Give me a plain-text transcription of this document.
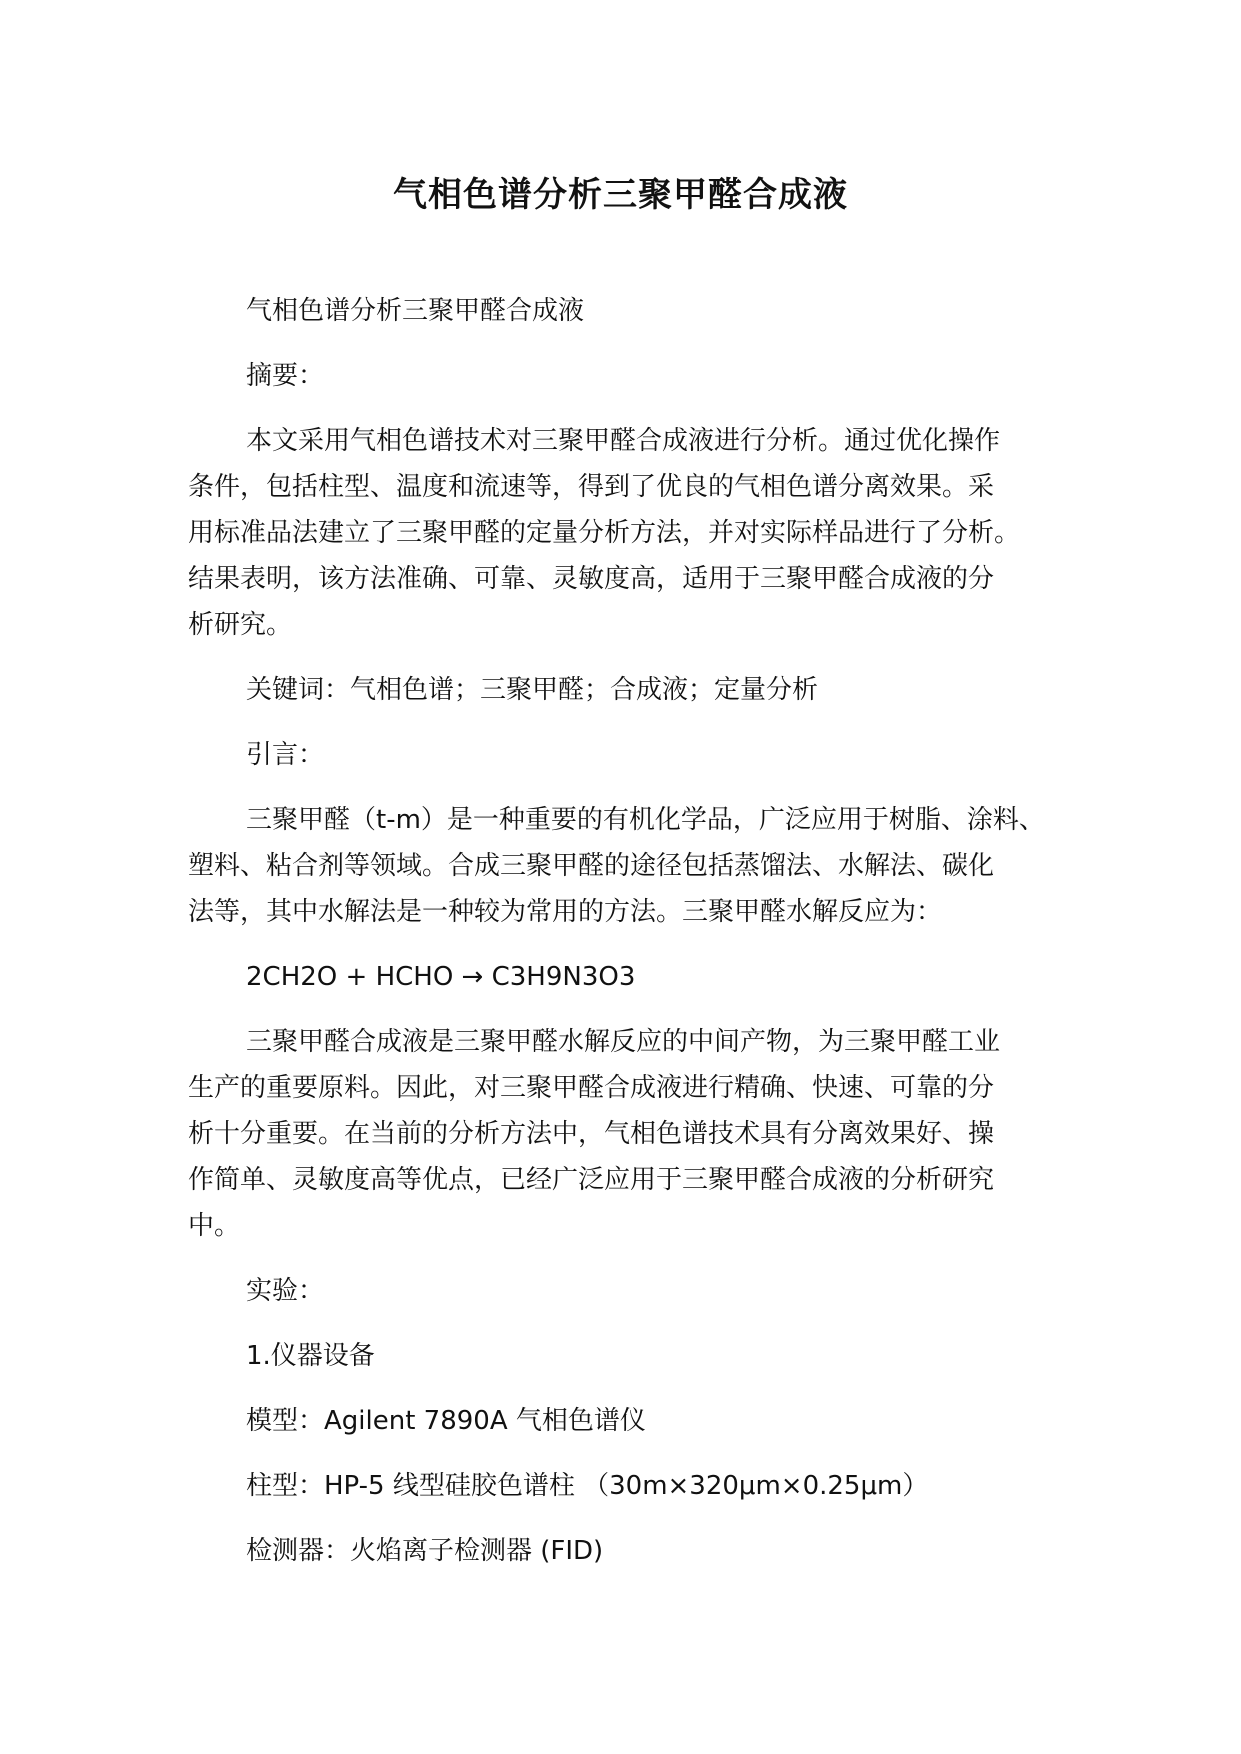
气相色谱分析三聚甲醛合成液
气相色谱分析三聚甲醛合成液
摘要：
本文采用气相色谱技术对三聚甲醛合成液进行分析。通过优化操作
条件，包括柱型、温度和流速等，得到了优良的气相色谱分离效果。采
用标准品法建立了三聚甲醛的定量分析方法，并对实际样品进行了分析。
结果表明，该方法准确、可靠、灵敏度高，适用于三聚甲醛合成液的分
析研究。
关键词：气相色谱；三聚甲醛；合成液；定量分析
引言：
三聚甲醛（t-m）是一种重要的有机化学品，广泛应用于树脂、涂料、
塑料、粘合剂等领域。合成三聚甲醛的途径包括蒸馏法、水解法、碳化
法等，其中水解法是一种较为常用的方法。三聚甲醛水解反应为：
2CH2O + HCHO → C3H9N3O3
三聚甲醛合成液是三聚甲醛水解反应的中间产物，为三聚甲醛工业
生产的重要原料。因此，对三聚甲醛合成液进行精确、快速、可靠的分
析十分重要。在当前的分析方法中，气相色谱技术具有分离效果好、操
作简单、灵敏度高等优点，已经广泛应用于三聚甲醛合成液的分析研究
中。
实验：
1.仪器设备
模型：Agilent 7890A 气相色谱仪
柱型：HP-5 线型硅胶色谱柱 （30m×320μm×0.25μm）
检测器：火焰离子检测器 (FID)
